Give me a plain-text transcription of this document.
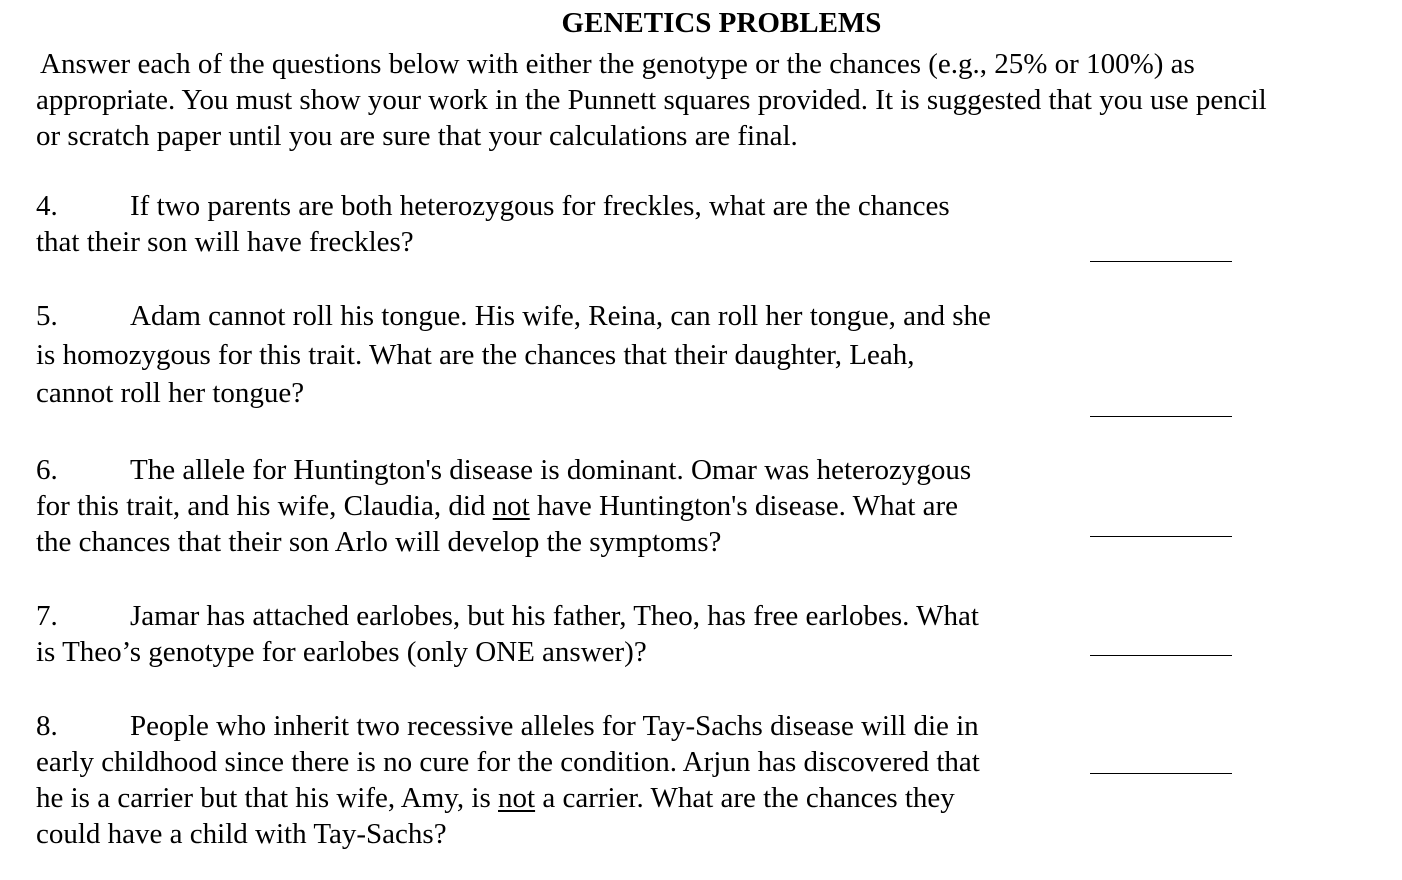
GENETICS PROBLEMS
Answer each of the questions below with either the genotype or the chances (e.g., 25% or 100%) as
appropriate. You must show your work in the Punnett squares provided. It is suggested that you use pencil
or scratch paper until you are sure that your calculations are final.
4. If two parents are both heterozygous for freckles, what are the chances
that their son will have freckles?
5. Adam cannot roll his tongue. His wife, Reina, can roll her tongue, and she
is homozygous for this trait. What are the chances that their daughter, Leah,
cannot roll her tongue?
6. The allele for Huntington's disease is dominant. Omar was heterozygous
for this trait, and his wife, Claudia, did not have Huntington's disease. What are
the chances that their son Arlo will develop the symptoms?
7. Jamar has attached earlobes, but his father, Theo, has free earlobes. What
is Theo’s genotype for earlobes (only ONE answer)?
8. People who inherit two recessive alleles for Tay-Sachs disease will die in
early childhood since there is no cure for the condition. Arjun has discovered that
he is a carrier but that his wife, Amy, is not a carrier. What are the chances they
could have a child with Tay-Sachs?
